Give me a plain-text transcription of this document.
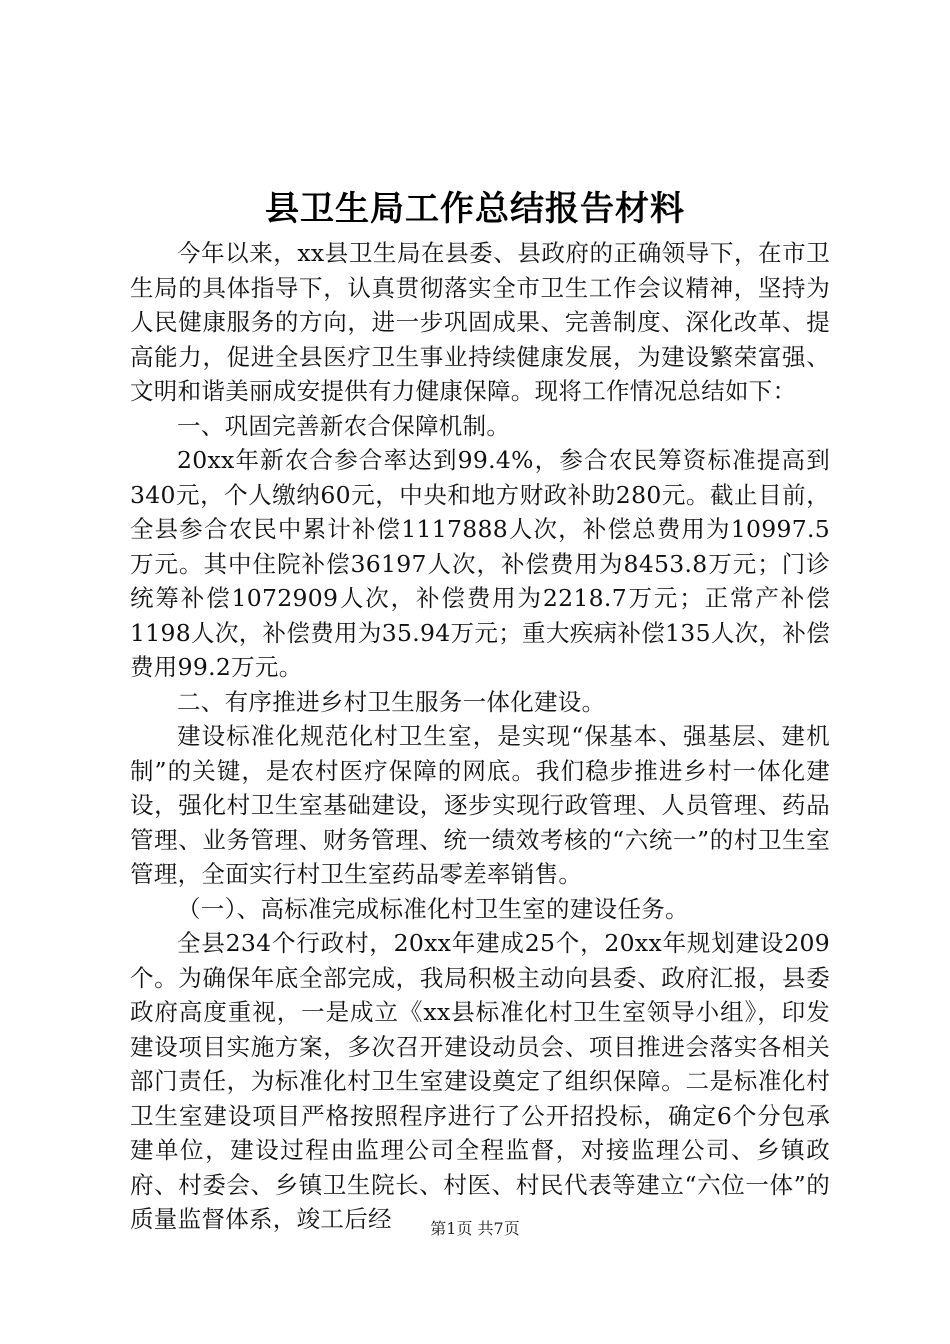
县卫生局工作总结报告材料

今年以来，xx县卫生局在县委、县政府的正确领导下，在市卫生局的具体指导下，认真贯彻落实全市卫生工作会议精神，坚持为人民健康服务的方向，进一步巩固成果、完善制度、深化改革、提高能力，促进全县医疗卫生事业持续健康发展，为建设繁荣富强、文明和谐美丽成安提供有力健康保障。现将工作情况总结如下：

一、巩固完善新农合保障机制。

20xx年新农合参合率达到99.4%，参合农民筹资标准提高到340元，个人缴纳60元，中央和地方财政补助280元。截止目前，全县参合农民中累计补偿1117888人次，补偿总费用为10997.5万元。其中住院补偿36197人次，补偿费用为8453.8万元；门诊统筹补偿1072909人次，补偿费用为2218.7万元；正常产补偿1198人次，补偿费用为35.94万元；重大疾病补偿135人次，补偿费用99.2万元。

二、有序推进乡村卫生服务一体化建设。

建设标准化规范化村卫生室，是实现“保基本、强基层、建机制”的关键，是农村医疗保障的网底。我们稳步推进乡村一体化建设，强化村卫生室基础建设，逐步实现行政管理、人员管理、药品管理、业务管理、财务管理、统一绩效考核的“六统一”的村卫生室管理，全面实行村卫生室药品零差率销售。

（一）、高标准完成标准化村卫生室的建设任务。

全县234个行政村，20xx年建成25个，20xx年规划建设209个。为确保年底全部完成，我局积极主动向县委、政府汇报，县委政府高度重视，一是成立《xx县标准化村卫生室领导小组》，印发建设项目实施方案，多次召开建设动员会、项目推进会落实各相关部门责任，为标准化村卫生室建设奠定了组织保障。二是标准化村卫生室建设项目严格按照程序进行了公开招投标，确定6个分包承建单位，建设过程由监理公司全程监督，对接监理公司、乡镇政府、村委会、乡镇卫生院长、村医、村民代表等建立“六位一体”的质量监督体系，竣工后经	第1页 共7页
